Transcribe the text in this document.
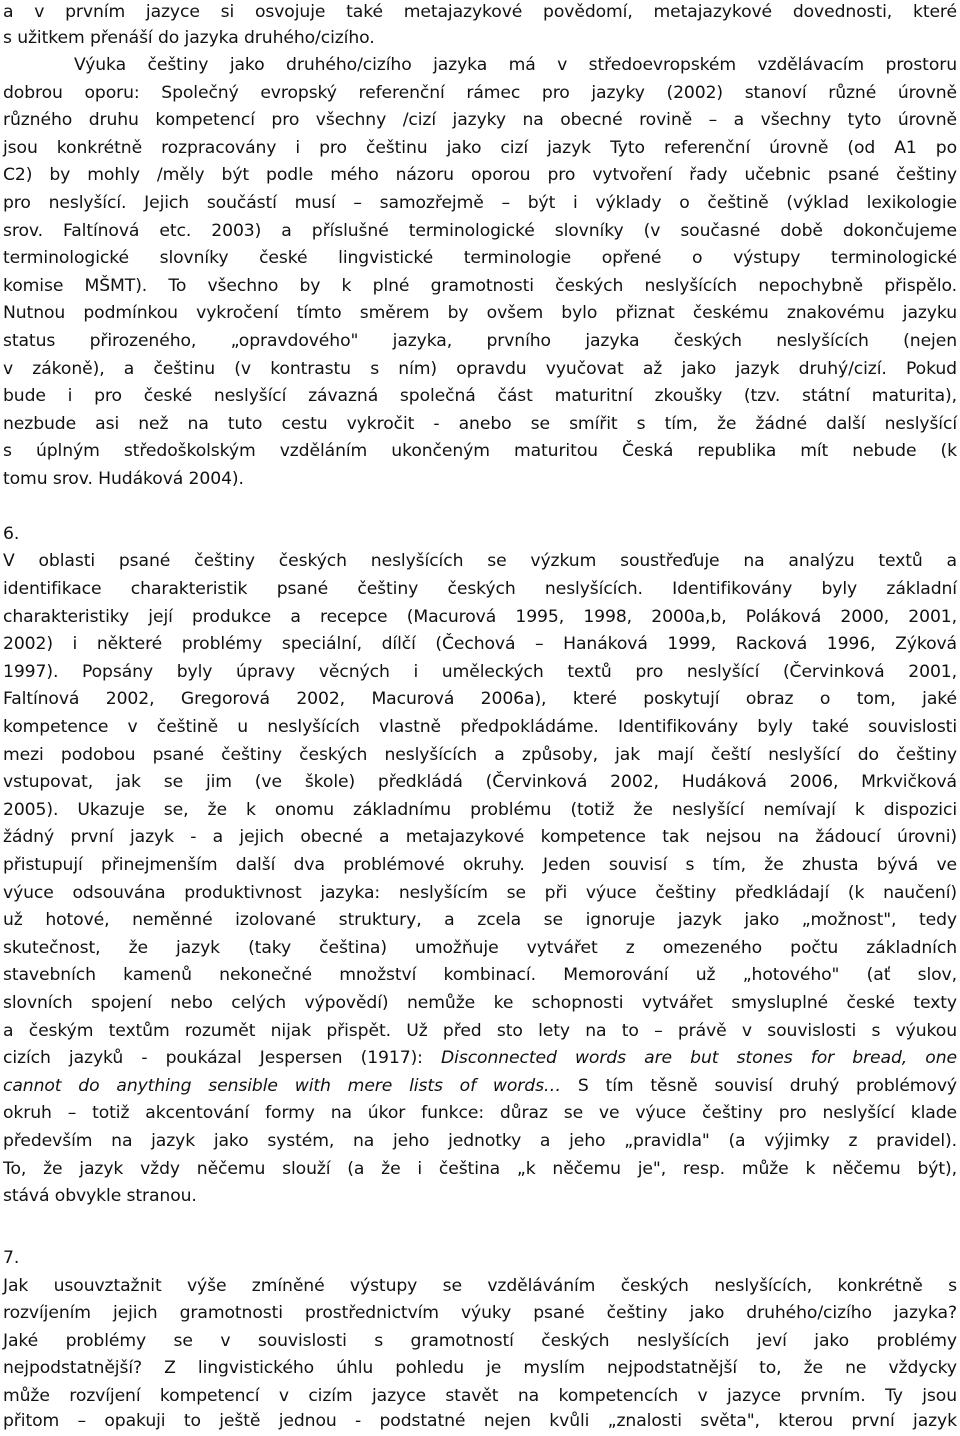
a v prvním jazyce si osvojuje také metajazykové povědomí, metajazykové dovednosti, které
s užitkem přenáší do jazyka druhého/cizího.
Výuka češtiny jako druhého/cizího jazyka má v středoevropském vzdělávacím prostoru
dobrou oporu: Společný evropský referenční rámec pro jazyky (2002) stanoví různé úrovně
různého druhu kompetencí pro všechny /cizí jazyky na obecné rovině – a všechny tyto úrovně
jsou konkrétně rozpracovány i pro češtinu jako cizí jazyk Tyto referenční úrovně (od A1 po
C2) by mohly /měly být podle mého názoru oporou pro vytvoření řady učebnic psané češtiny
pro neslyšící. Jejich součástí musí – samozřejmě – být i výklady o češtině (výklad lexikologie
srov. Faltínová etc. 2003) a příslušné terminologické slovníky (v současné době dokončujeme
terminologické slovníky české lingvistické terminologie opřené o výstupy terminologické
komise MŠMT). To všechno by k plné gramotnosti českých neslyšících nepochybně přispělo.
Nutnou podmínkou vykročení tímto směrem by ovšem bylo přiznat českému znakovému jazyku
status přirozeného, „opravdového" jazyka, prvního jazyka českých neslyšících (nejen
v zákoně), a češtinu (v kontrastu s ním) opravdu vyučovat až jako jazyk druhý/cizí. Pokud
bude i pro české neslyšící závazná společná část maturitní zkoušky (tzv. státní maturita),
nezbude asi než na tuto cestu vykročit - anebo se smířit s tím, že žádné další neslyšící
s úplným středoškolským vzděláním ukončeným maturitou Česká republika mít nebude (k
tomu srov. Hudáková 2004).
6.
V oblasti psané češtiny českých neslyšících se výzkum soustřeďuje na analýzu textů a
identifikace charakteristik psané češtiny českých neslyšících. Identifikovány byly základní
charakteristiky její produkce a recepce (Macurová 1995, 1998, 2000a,b, Poláková 2000, 2001,
2002) i některé problémy speciální, dílčí (Čechová – Hanáková 1999, Racková 1996, Zýková
1997). Popsány byly úpravy věcných i uměleckých textů pro neslyšící (Červinková 2001,
Faltínová 2002, Gregorová 2002, Macurová 2006a), které poskytují obraz o tom, jaké
kompetence v češtině u neslyšících vlastně předpokládáme. Identifikovány byly také souvislosti
mezi podobou psané češtiny českých neslyšících a způsoby, jak mají čeští neslyšící do češtiny
vstupovat, jak se jim (ve škole) předkládá (Červinková 2002, Hudáková 2006, Mrkvičková
2005). Ukazuje se, že k onomu základnímu problému (totiž že neslyšící nemívají k dispozici
žádný první jazyk - a jejich obecné a metajazykové kompetence tak nejsou na žádoucí úrovni)
přistupují přinejmenším další dva problémové okruhy. Jeden souvisí s tím, že zhusta bývá ve
výuce odsouvána produktivnost jazyka: neslyšícím se při výuce češtiny předkládají (k naučení)
už hotové, neměnné izolované struktury, a zcela se ignoruje jazyk jako „možnost", tedy
skutečnost, že jazyk (taky čeština) umožňuje vytvářet z omezeného počtu základních
stavebních kamenů nekonečné množství kombinací. Memorování už „hotového" (ať slov,
slovních spojení nebo celých výpovědí) nemůže ke schopnosti vytvářet smysluplné české texty
a českým textům rozumět nijak přispět. Už před sto lety na to – právě v souvislosti s výukou
cizích jazyků - poukázal Jespersen (1917): Disconnected words are but stones for bread, one
cannot do anything sensible with mere lists of words… S tím těsně souvisí druhý problémový
okruh – totiž akcentování formy na úkor funkce: důraz se ve výuce češtiny pro neslyšící klade
především na jazyk jako systém, na jeho jednotky a jeho „pravidla" (a výjimky z pravidel).
To, že jazyk vždy něčemu slouží (a že i čeština „k něčemu je", resp. může k něčemu být),
stává obvykle stranou.
7.
Jak usouvztažnit výše zmíněné výstupy se vzděláváním českých neslyšících, konkrétně s
rozvíjením jejich gramotnosti prostřednictvím výuky psané češtiny jako druhého/cizího jazyka?
Jaké problémy se v souvislosti s gramotností českých neslyšících jeví jako problémy
nejpodstatnější? Z lingvistického úhlu pohledu je myslím nejpodstatnější to, že ne vždycky
může rozvíjení kompetencí v cizím jazyce stavět na kompetencích v jazyce prvním. Ty jsou
přitom – opakuji to ještě jednou - podstatné nejen kvůli „znalosti světa", kterou první jazyk
